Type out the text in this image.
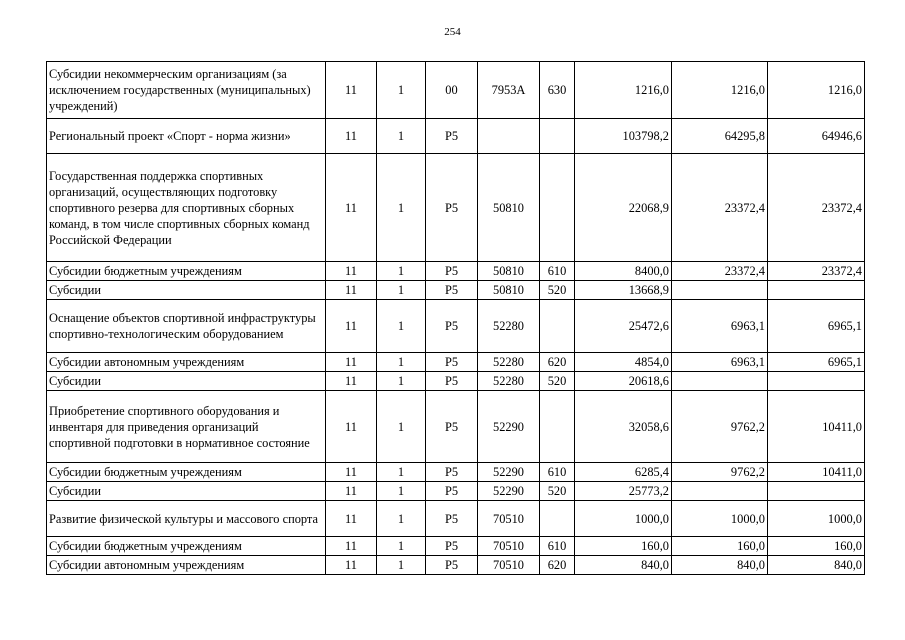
254
Субсидии некоммерческим организациям (за исключением государственных (муниципальных) учреждений)	11	1	00	7953А	630	1216,0	1216,0	1216,0
Региональный проект «Спорт - норма жизни»	11	1	Р5			103798,2	64295,8	64946,6
Государственная поддержка спортивных организаций, осуществляющих подготовку спортивного резерва для спортивных сборных команд, в том числе спортивных сборных команд Российской Федерации	11	1	Р5	50810		22068,9	23372,4	23372,4
Субсидии бюджетным учреждениям	11	1	Р5	50810	610	8400,0	23372,4	23372,4
Субсидии	11	1	Р5	50810	520	13668,9		
Оснащение объектов спортивной инфраструктуры спортивно-технологическим оборудованием	11	1	Р5	52280		25472,6	6963,1	6965,1
Субсидии автономным учреждениям	11	1	Р5	52280	620	4854,0	6963,1	6965,1
Субсидии	11	1	Р5	52280	520	20618,6		
Приобретение спортивного оборудования и инвентаря для приведения организаций спортивной подготовки в нормативное состояние	11	1	Р5	52290		32058,6	9762,2	10411,0
Субсидии бюджетным учреждениям	11	1	Р5	52290	610	6285,4	9762,2	10411,0
Субсидии	11	1	Р5	52290	520	25773,2		
Развитие физической культуры и массового спорта	11	1	Р5	70510		1000,0	1000,0	1000,0
Субсидии бюджетным учреждениям	11	1	Р5	70510	610	160,0	160,0	160,0
Субсидии автономным учреждениям	11	1	Р5	70510	620	840,0	840,0	840,0
